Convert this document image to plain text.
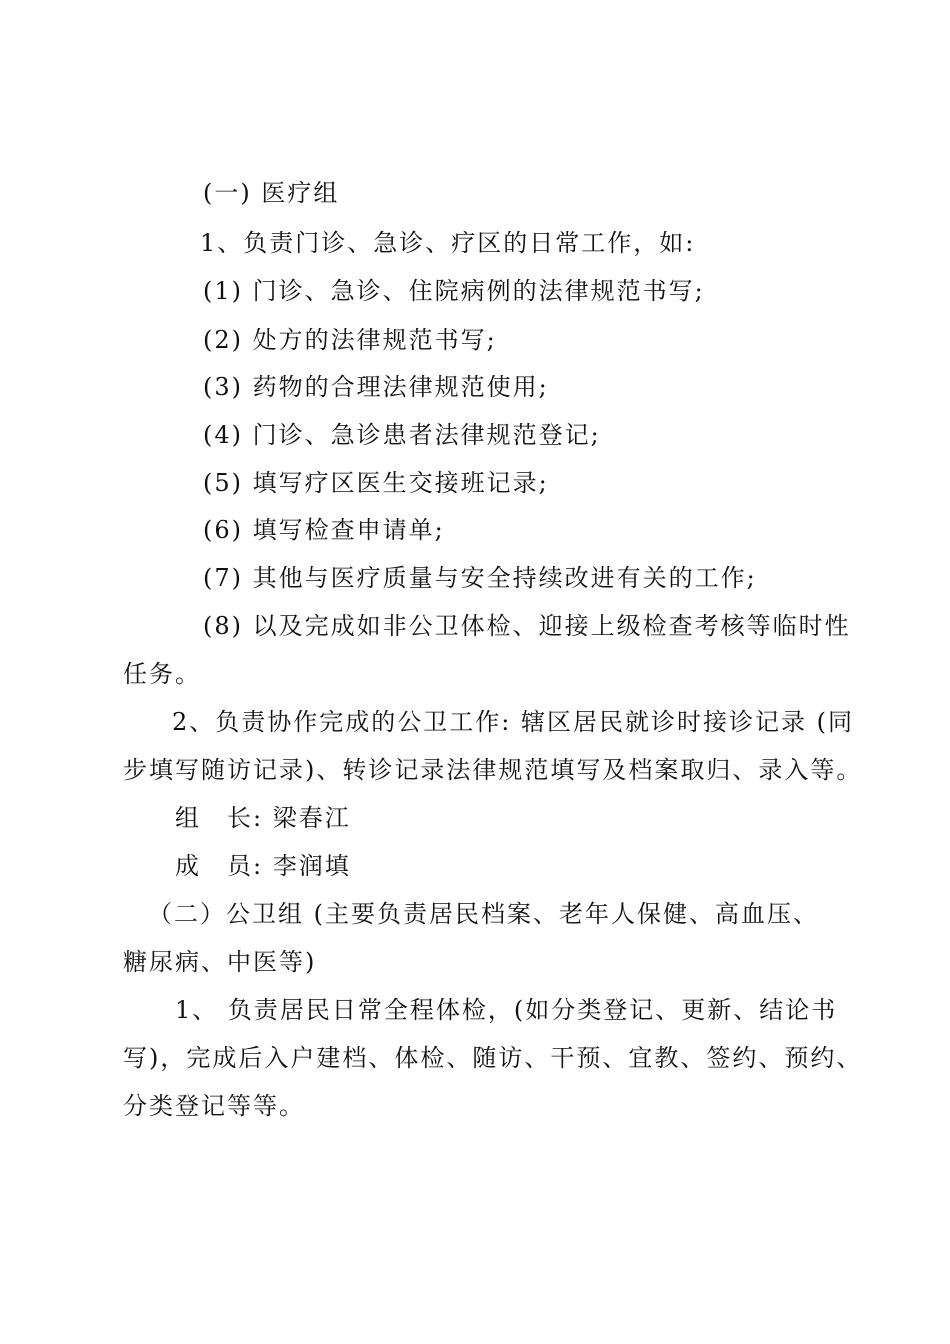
(一) 医疗组
1、负责门诊、急诊、疗区的日常工作，如:
(1) 门诊、急诊、住院病例的法律规范书写;
(2) 处方的法律规范书写;
(3) 药物的合理法律规范使用;
(4) 门诊、急诊患者法律规范登记;
(5) 填写疗区医生交接班记录;
(6) 填写检查申请单;
(7) 其他与医疗质量与安全持续改进有关的工作;
(8) 以及完成如非公卫体检、迎接上级检查考核等临时性
任务。
2、负责协作完成的公卫工作: 辖区居民就诊时接诊记录 (同
步填写随访记录)、转诊记录法律规范填写及档案取归、录入等。
组　长: 梁春江
成　员: 李润填
（二）公卫组 (主要负责居民档案、老年人保健、高血压、
糖尿病、中医等)
1、 负责居民日常全程体检，(如分类登记、更新、结论书
写)，完成后入户建档、体检、随访、干预、宜教、签约、预约、
分类登记等等。
